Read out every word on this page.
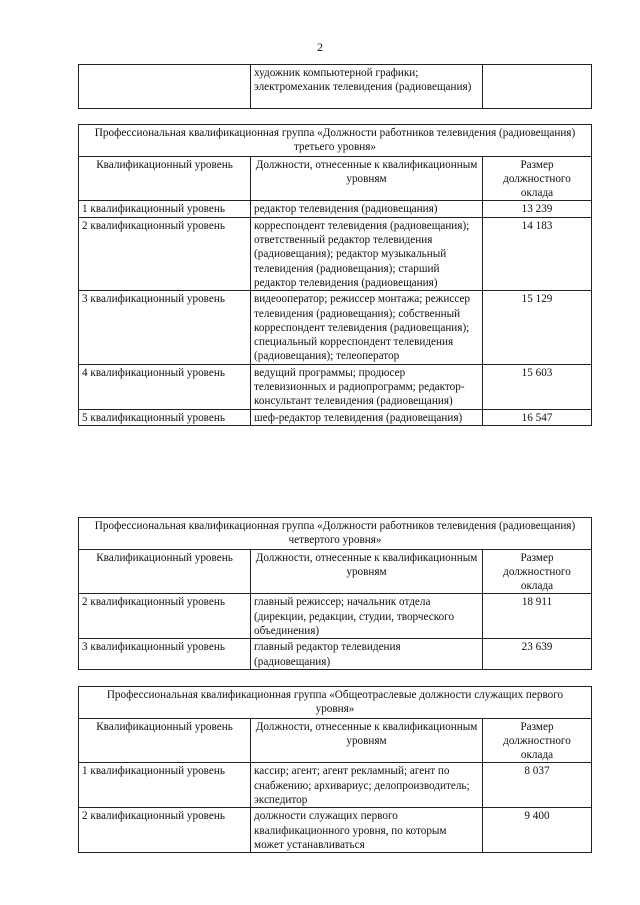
2
	художник компьютерной графики; электромеханик телевидения (радиовещания)	
Профессиональная квалификационная группа «Должности работников телевидения (радиовещания) третьего уровня»		
Квалификационный уровень	Должности, отнесенные к квалификационным уровням	Размер должностного оклада
1 квалификационный уровень	редактор телевидения (радиовещания)	13 239
2 квалификационный уровень	корреспондент телевидения (радиовещания); ответственный редактор телевидения (радиовещания); редактор музыкальный телевидения (радиовещания); старший редактор телевидения (радиовещания)	14 183
3 квалификационный уровень	видеооператор; режиссер монтажа; режиссер телевидения (радиовещания); собственный корреспондент телевидения (радиовещания); специальный корреспондент телевидения (радиовещания); телеоператор	15 129
4 квалификационный уровень	ведущий программы; продюсер телевизионных и радиопрограмм; редактор-консультант телевидения (радиовещания)	15 603
5 квалификационный уровень	шеф-редактор телевидения (радиовещания)	16 547
Профессиональная квалификационная группа «Должности работников телевидения (радиовещания) четвертого уровня»		
Квалификационный уровень	Должности, отнесенные к квалификационным уровням	Размер должностного оклада
2 квалификационный уровень	главный режиссер; начальник отдела (дирекции, редакции, студии, творческого объединения)	18 911
3 квалификационный уровень	главный редактор телевидения (радиовещания)	23 639
Профессиональная квалификационная группа «Общеотраслевые должности служащих первого уровня»		
Квалификационный уровень	Должности, отнесенные к квалификационным уровням	Размер должностного оклада
1 квалификационный уровень	кассир; агент; агент рекламный; агент по снабжению; архивариус; делопроизводитель; экспедитор	8 037
2 квалификационный уровень	должности служащих первого квалификационного уровня, по которым может устанавливаться	9 400
